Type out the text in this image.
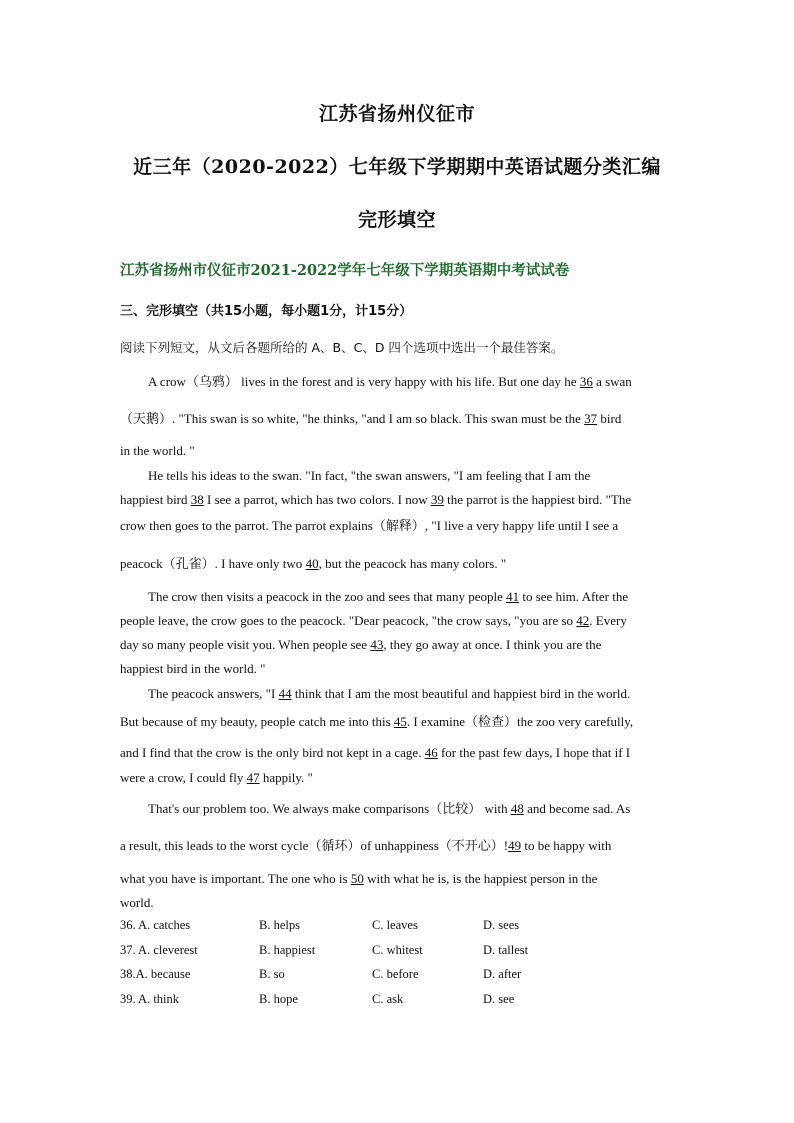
江苏省扬州仪征市
近三年（2020-2022）七年级下学期期中英语试题分类汇编
完形填空
江苏省扬州市仪征市2021-2022学年七年级下学期英语期中考试试卷
三、完形填空（共15小题，每小题1分，计15分）
阅读下列短文，从文后各题所给的 A、B、C、D 四个选项中选出一个最佳答案。
A crow（乌鸦） lives in the forest and is very happy with his life. But one day he 36 a swan
（天鹅）. "This swan is so white, "he thinks, "and I am so black. This swan must be the 37 bird
in the world. "
He tells his ideas to the swan. "In fact, "the swan answers, "I am feeling that I am the
happiest bird 38 I see a parrot, which has two colors. I now 39 the parrot is the happiest bird. "The
crow then goes to the parrot. The parrot explains（解释）, "I live a very happy life until I see a
peacock（孔雀）. I have only two 40, but the peacock has many colors. "
The crow then visits a peacock in the zoo and sees that many people 41 to see him. After the
people leave, the crow goes to the peacock. "Dear peacock, "the crow says, "you are so 42. Every
day so many people visit you. When people see 43, they go away at once. I think you are the
happiest bird in the world. "
The peacock answers, "I 44 think that I am the most beautiful and happiest bird in the world.
But because of my beauty, people catch me into this 45. I examine（检查）the zoo very carefully,
and I find that the crow is the only bird not kept in a cage. 46 for the past few days, I hope that if I
were a crow, I could fly 47 happily. "
That's our problem too. We always make comparisons（比较） with 48 and become sad. As
a result, this leads to the worst cycle（循环）of unhappiness（不开心）!49 to be happy with
what you have is important. The one who is 50 with what he is, is the happiest person in the
world.
36. A. catches	B. helps	C. leaves	D. sees
37. A. cleverest	B. happiest	C. whitest	D. tallest
38.A. because	B. so	C. before	D. after
39. A. think	B. hope	C. ask	D. see
